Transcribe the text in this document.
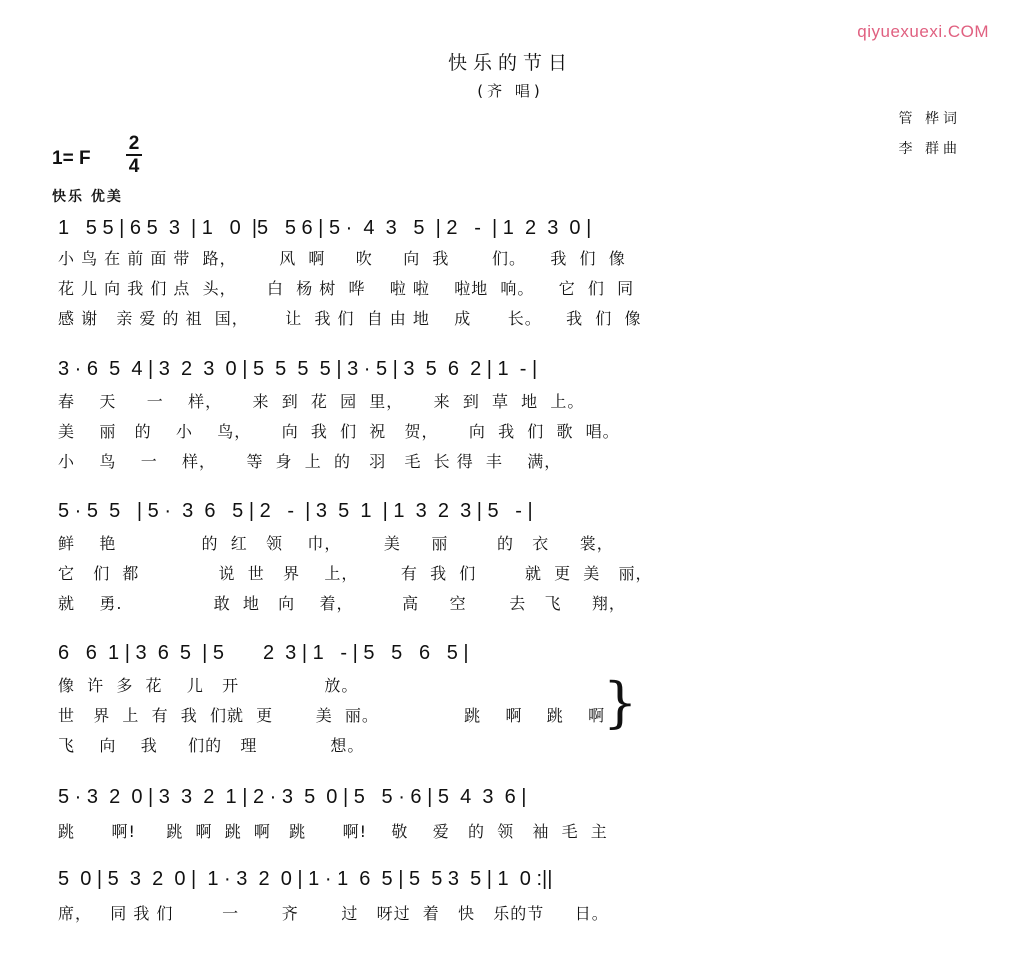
qiyuexuexi.COM
快乐的节日
(齐 唱)
管 桦词
李 群曲
1= F
2
4
快乐 优美
1   5 5 | 6 5  3  | 1   0  |5   5 6 | 5 ·  4  3   5  | 2   -  | 1  2  3  0 |
小 鸟 在 前 面 带  路，       风  啊     吹     向  我       们。    我  们  像
花 儿 向 我 们 点  头，     白  杨 树  哗    啦 啦    啦地  响。    它  们  同
感 谢   亲 爱 的 祖  国，      让  我 们  自 由 地    成      长。    我  们  像
3 · 6  5  4 | 3  2  3  0 | 5  5  5  5 | 3 · 5 | 3  5  6  2 | 1  - |
春    天     一    样，     来  到  花  园  里，     来  到  草  地  上。
美    丽   的    小    鸟，     向  我  们  祝   贺，     向  我  们  歌  唱。
小    鸟    一    样，     等  身  上  的   羽   毛  长 得  丰    满，
5 · 5  5   | 5 ·  3  6   5 | 2   -  | 3  5  1  | 1  3  2  3 | 5   - |
鲜    艳              的  红   领    巾，       美     丽        的   衣     裳，
它   们  都             说  世   界    上，       有  我  们        就  更  美   丽，
就    勇.               敢  地   向    着，        高     空       去   飞     翔，
6   6  1 | 3  6  5  | 5       2  3 | 1   - | 5   5   6   5 |
像  许  多  花    儿   开              放。
世   界  上  有  我  们就  更       美  丽。              跳    啊    跳    啊
飞    向    我     们的   理            想。
}
5 · 3  2  0 | 3  3  2  1 | 2 · 3  5  0 | 5   5 · 6 | 5  4  3  6 |
跳      啊!     跳  啊  跳  啊   跳      啊!    敬    爱   的  领   袖  毛  主
5  0 | 5  3  2  0 |  1 · 3  2  0 | 1 · 1  6  5 | 5  5 3  5 | 1  0 :||
席，   同 我 们        一       齐       过   呀过  着   快   乐的节     日。
